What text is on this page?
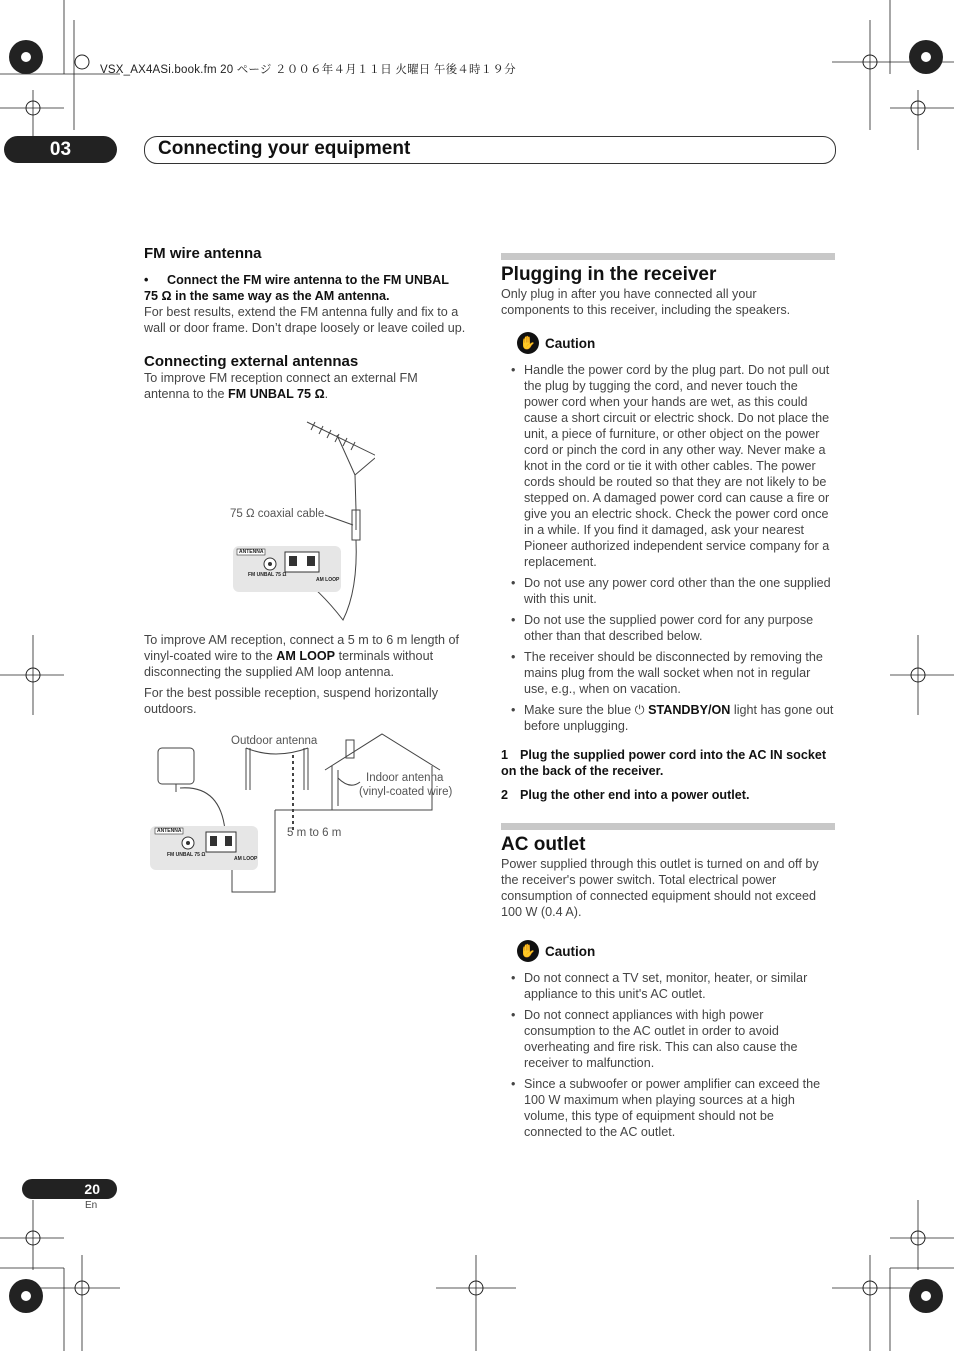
VSX_AX4ASi.book.fm 20 ページ ２００６年４月１１日 火曜日 午後４時１９分
03	Connecting your equipment
FM wire antenna
• Connect the FM wire antenna to the FM UNBAL
75 Ω in the same way as the AM antenna.

For best results, extend the FM antenna fully and fix to a wall or door frame. Don’t drape loosely or leave coiled up.

Connecting external antennas

To improve FM reception connect an external FM antenna to the FM UNBAL 75 Ω.

75 Ω coaxial cable
ANTENNA
FM UNBAL 75 Ω
AM LOOP

To improve AM reception, connect a 5 m to 6 m length of vinyl-coated wire to the AM LOOP terminals without disconnecting the supplied AM loop antenna.

For the best possible reception, suspend horizontally outdoors.

Outdoor antenna
Indoor antenna
(vinyl-coated wire)
5 m to 6 m
ANTENNA
FM UNBAL 75 Ω
AM LOOP
Plugging in the receiver

Only plug in after you have connected all your components to this receiver, including the speakers.

✋ Caution
• Handle the power cord by the plug part. Do not pull out the plug by tugging the cord, and never touch the power cord when your hands are wet, as this could cause a short circuit or electric shock. Do not place the unit, a piece of furniture, or other object on the power cord or pinch the cord in any other way. Never make a knot in the cord or tie it with other cables. The power cords should be routed so that they are not likely to be stepped on. A damaged power cord can cause a fire or give you an electric shock. Check the power cord once in a while. If you find it damaged, ask your nearest Pioneer authorized independent service company for a replacement.
• Do not use any power cord other than the one supplied with this unit.
• Do not use the supplied power cord for any purpose other than that described below.
• The receiver should be disconnected by removing the mains plug from the wall socket when not in regular use, e.g., when on vacation.
• Make sure the blue ⏻ STANDBY/ON light has gone out before unplugging.
1 Plug the supplied power cord into the AC IN socket on the back of the receiver.
2 Plug the other end into a power outlet.
AC outlet

Power supplied through this outlet is turned on and off by the receiver's power switch. Total electrical power consumption of connected equipment should not exceed 100 W (0.4 A).

✋ Caution
• Do not connect a TV set, monitor, heater, or similar appliance to this unit's AC outlet.
• Do not connect appliances with high power consumption to the AC outlet in order to avoid overheating and fire risk. This can also cause the receiver to malfunction.
• Since a subwoofer or power amplifier can exceed the 100 W maximum when playing sources at a high volume, this type of equipment should not be connected to the AC outlet.
20
En
